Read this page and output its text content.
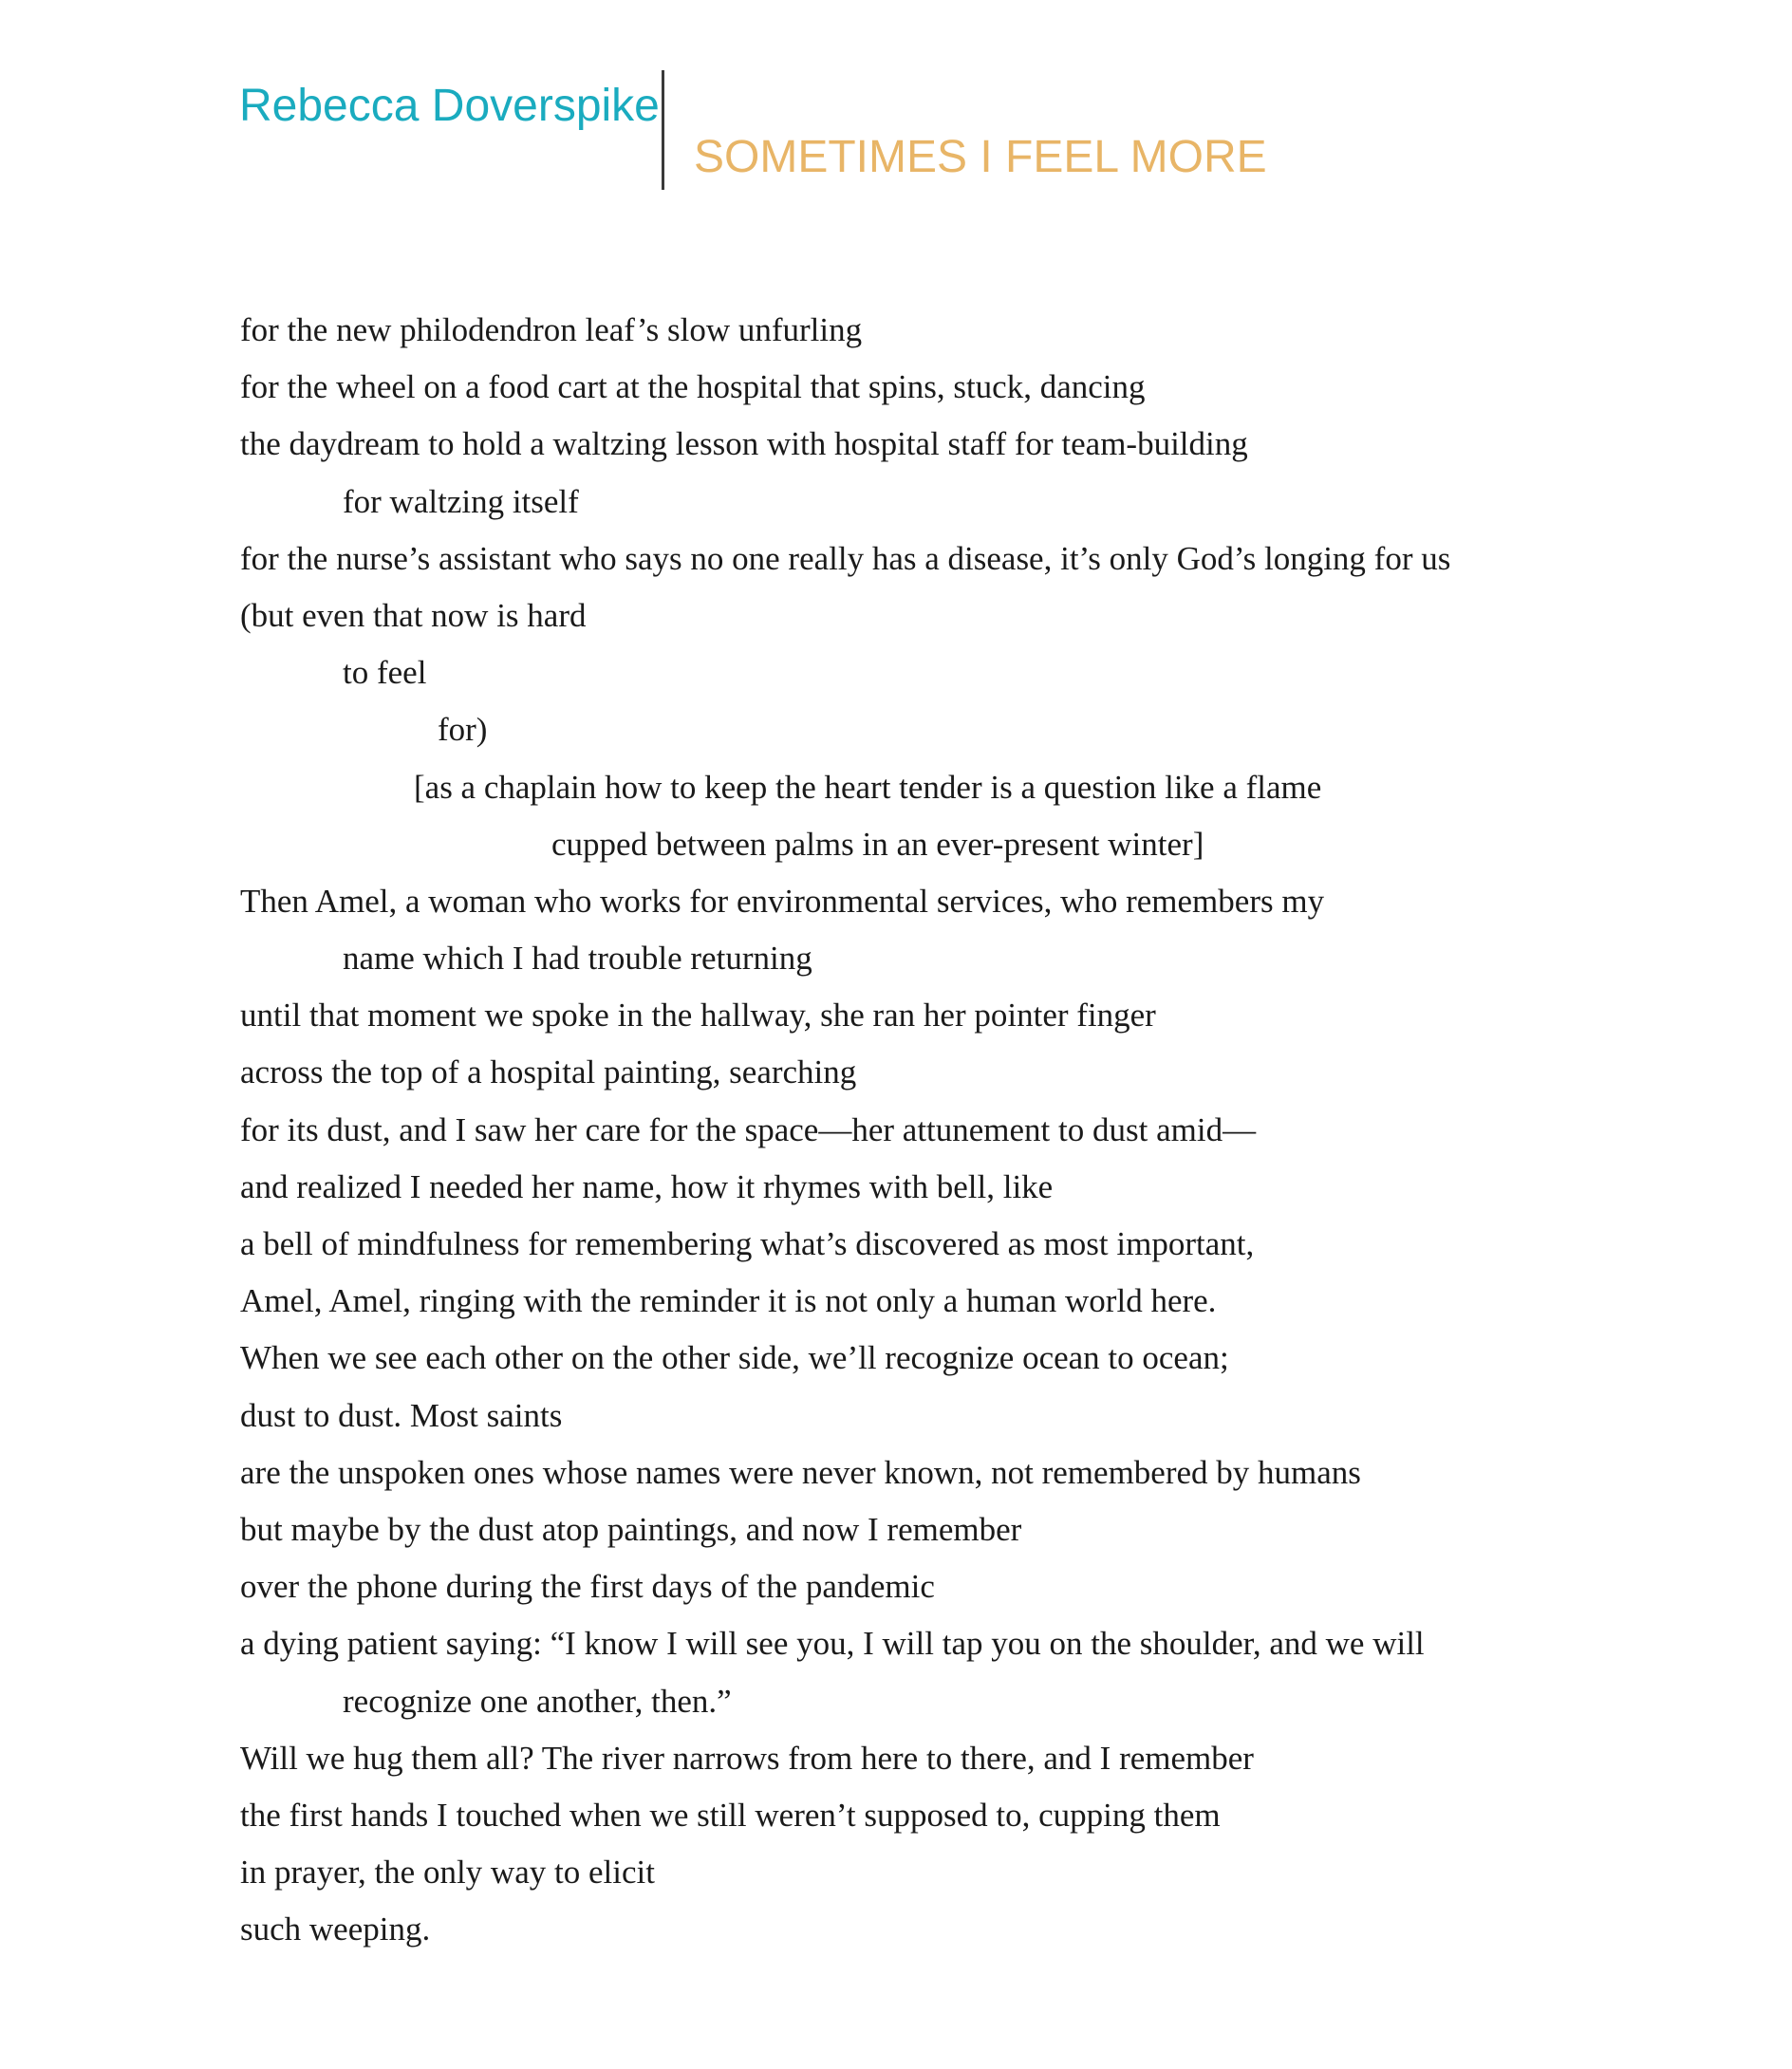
Rebecca Doverspike
SOMETIMES I FEEL MORE
for the new philodendron leaf’s slow unfurling
for the wheel on a food cart at the hospital that spins, stuck, dancing
the daydream to hold a waltzing lesson with hospital staff for team-building
for waltzing itself
for the nurse’s assistant who says no one really has a disease, it’s only God’s longing for us
(but even that now is hard
to feel
for)
[as a chaplain how to keep the heart tender is a question like a flame
cupped between palms in an ever-present winter]
Then Amel, a woman who works for environmental services, who remembers my
name which I had trouble returning
until that moment we spoke in the hallway, she ran her pointer finger
across the top of a hospital painting, searching
for its dust, and I saw her care for the space—her attunement to dust amid—
and realized I needed her name, how it rhymes with bell, like
a bell of mindfulness for remembering what’s discovered as most important,
Amel, Amel, ringing with the reminder it is not only a human world here.
When we see each other on the other side, we’ll recognize ocean to ocean;
dust to dust. Most saints
are the unspoken ones whose names were never known, not remembered by humans
but maybe by the dust atop paintings, and now I remember
over the phone during the first days of the pandemic
a dying patient saying: “I know I will see you, I will tap you on the shoulder, and we will
recognize one another, then.”
Will we hug them all? The river narrows from here to there, and I remember
the first hands I touched when we still weren’t supposed to, cupping them
in prayer, the only way to elicit
such weeping.
